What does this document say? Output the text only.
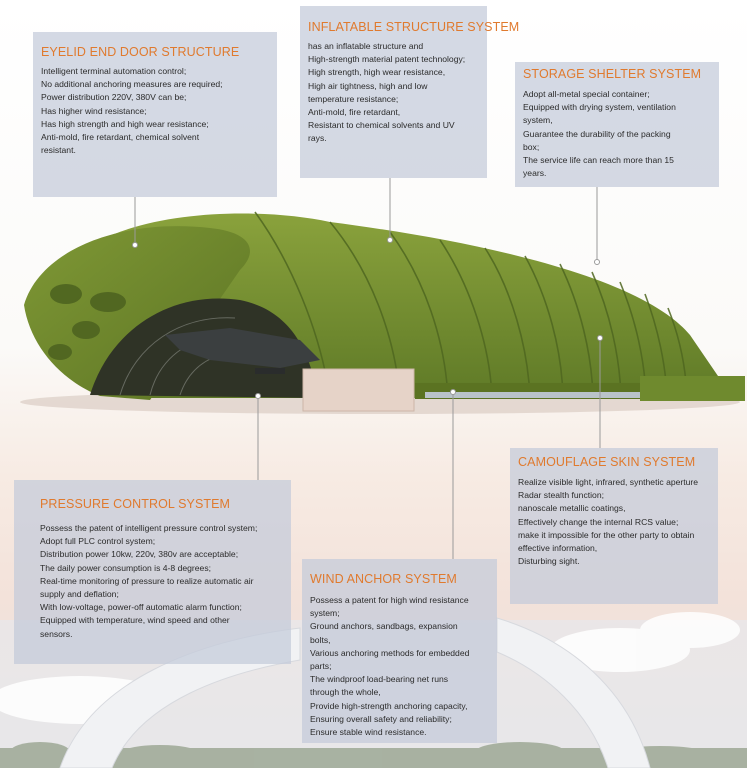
EYELID END DOOR STRUCTURE
Intelligent terminal automation control;
No additional anchoring measures are required;
Power distribution 220V, 380V can be;
Has higher wind resistance;
Has high strength and high wear resistance;
Anti-mold, fire retardant, chemical solvent
resistant.
INFLATABLE STRUCTURE SYSTEM
has an inflatable structure and
High-strength material patent technology;
High strength, high wear resistance,
High air tightness, high and low
temperature resistance;
Anti-mold, fire retardant,
Resistant to chemical solvents and UV
rays.
STORAGE SHELTER SYSTEM
Adopt all-metal special container;
Equipped with drying system, ventilation
system,
Guarantee the durability of the packing
box;
The service life can reach more than 15
years.
CAMOUFLAGE SKIN SYSTEM
Realize visible light, infrared, synthetic aperture
Radar stealth function;
nanoscale metallic coatings,
Effectively change the internal RCS value;
make it impossible for the other party to obtain
effective information,
Disturbing sight.
PRESSURE CONTROL SYSTEM
Possess the patent of intelligent pressure control system;
Adopt full PLC control system;
Distribution power 10kw, 220v, 380v are acceptable;
The daily power consumption is 4-8 degrees;
Real-time monitoring of pressure to realize automatic air
supply and deflation;
With low-voltage, power-off automatic alarm function;
Equipped with temperature, wind speed and other
sensors.
WIND ANCHOR SYSTEM
Possess a patent for high wind resistance
system;
Ground anchors, sandbags, expansion
bolts,
Various anchoring methods for embedded
parts;
The windproof load-bearing net runs
through the whole,
Provide high-strength anchoring capacity,
Ensuring overall safety and reliability;
Ensure stable wind resistance.
